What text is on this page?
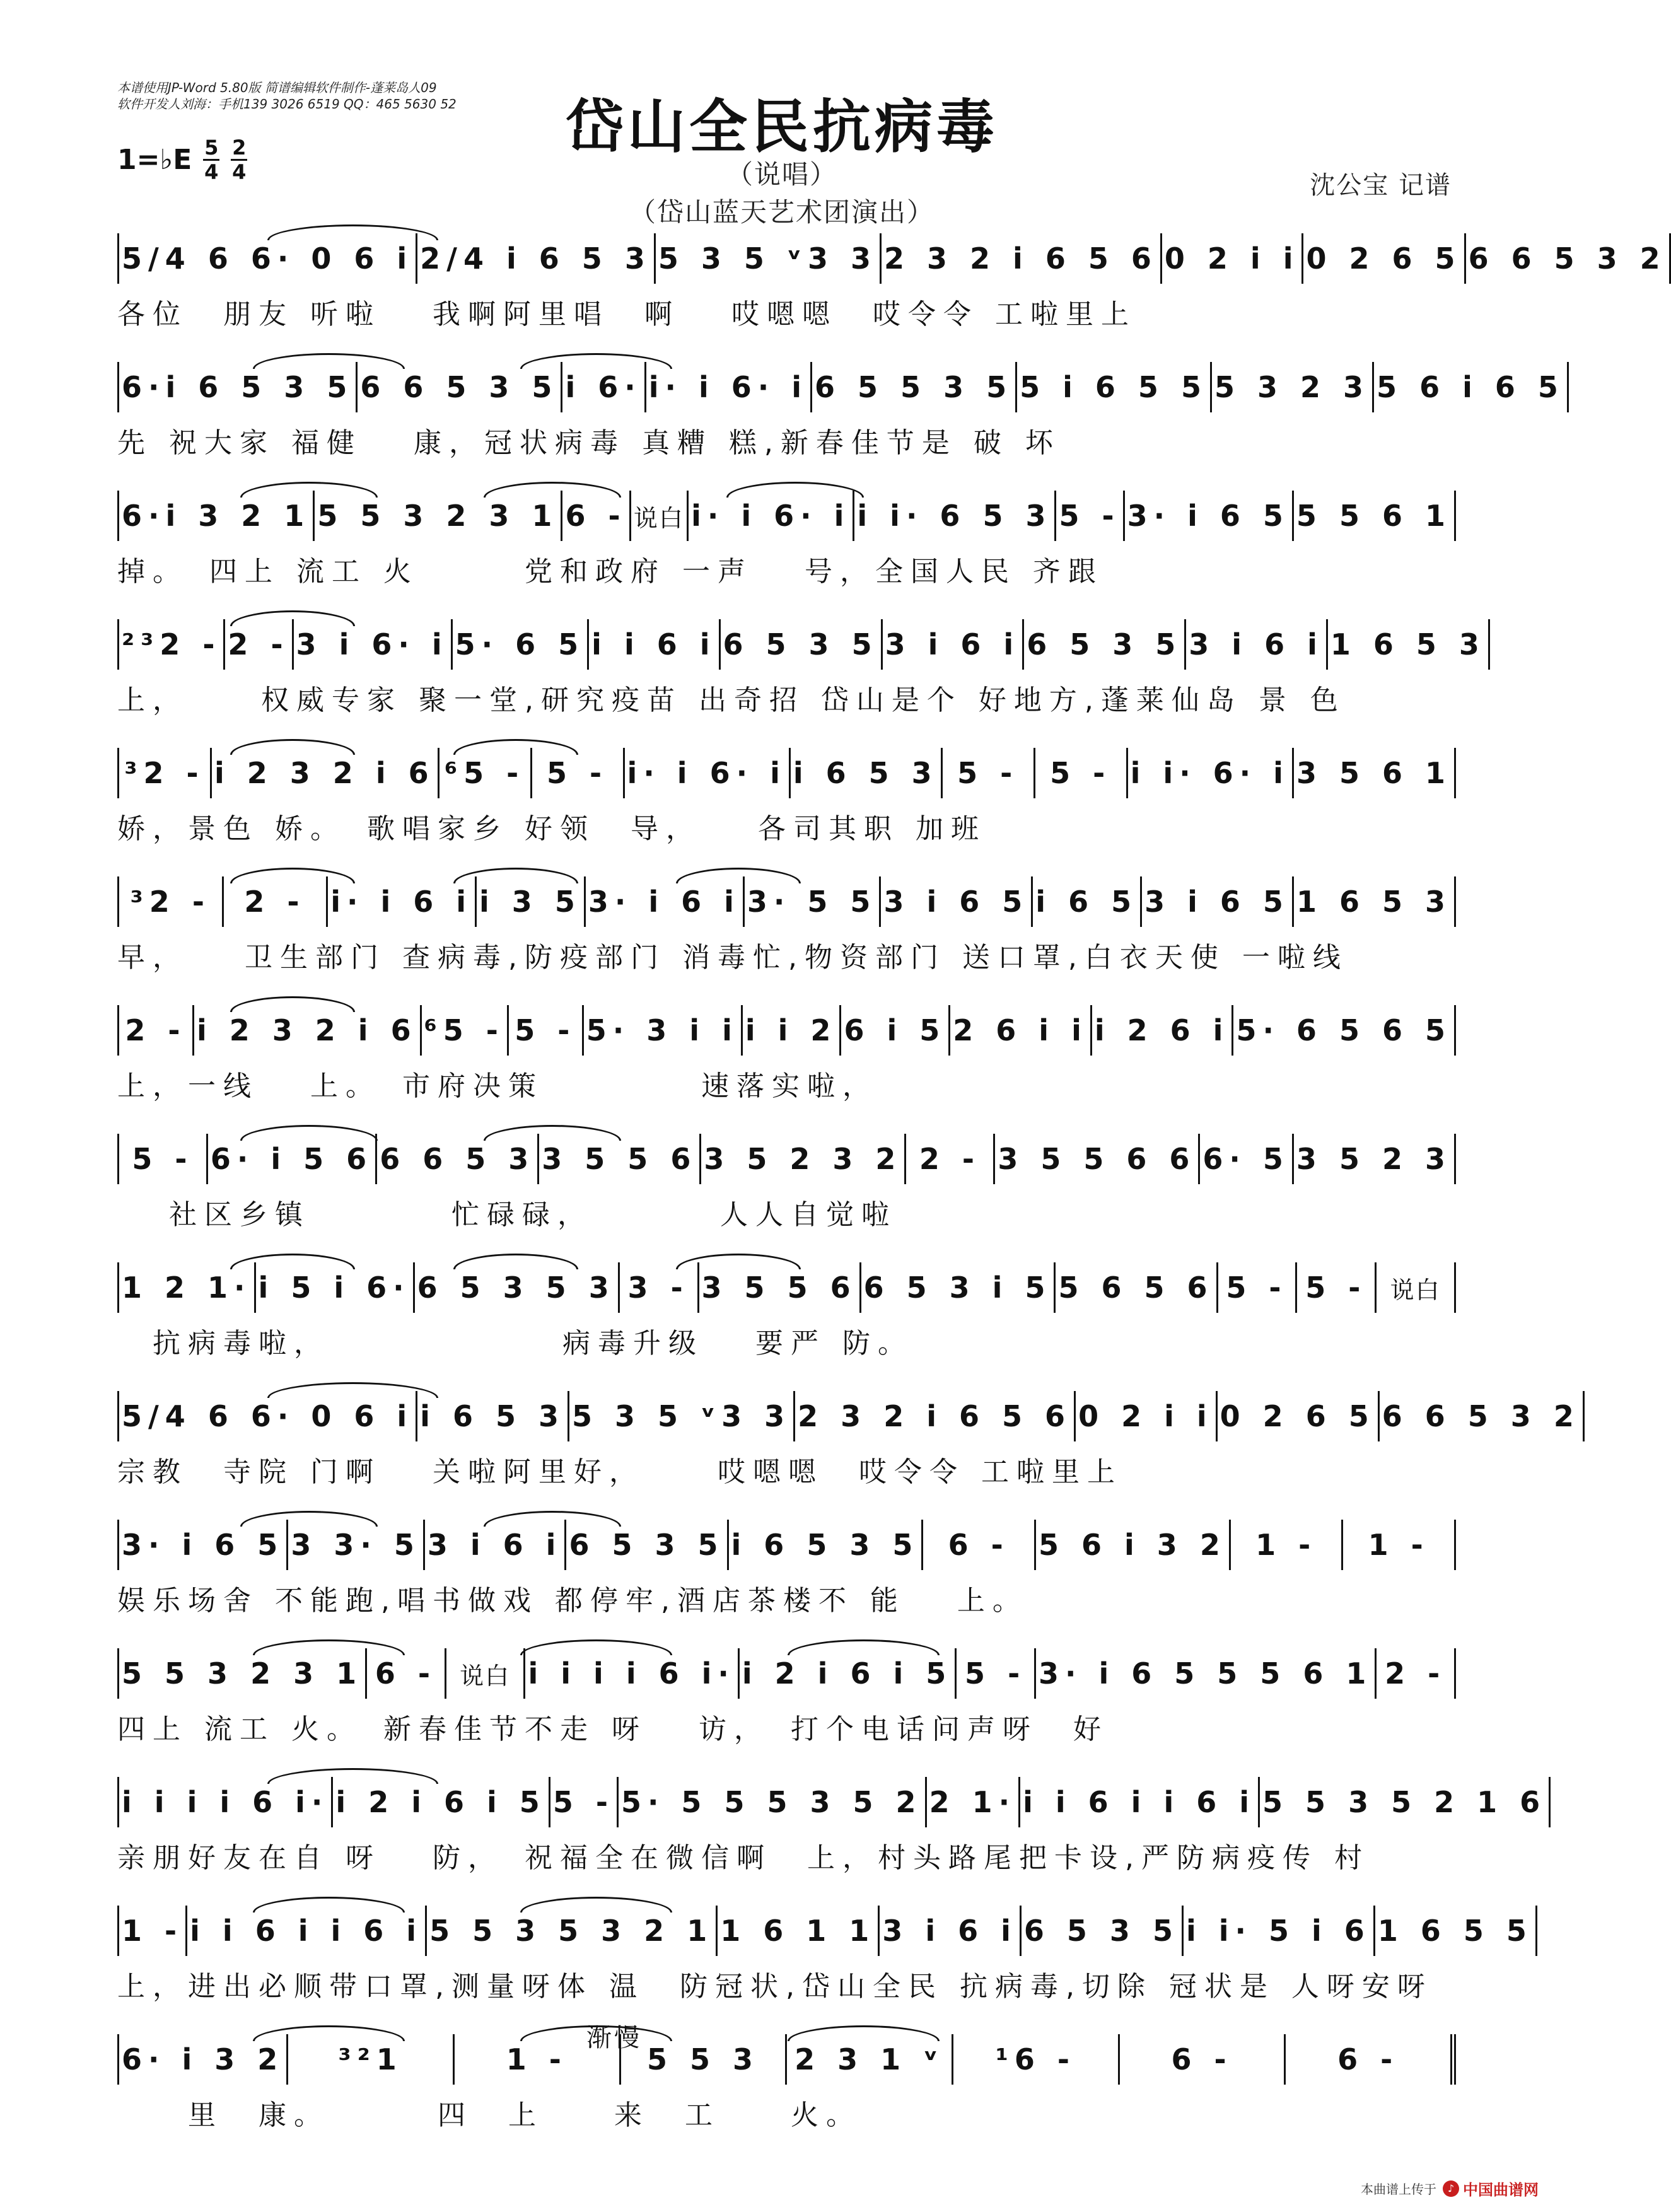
本谱使用JP-Word 5.80版 简谱编辑软件制作-蓬莱岛人09
软件开发人刘海：手机139 3026 6519 QQ：465 5630 52	岱山全民抗病毒
（说唱）
（岱山蓝天艺术团演出）
沈公宝 记谱
1=♭E $\frac{5}{4} \frac{2}{4}$
5/4 6 6· 0 6 i 2/4 i 6 5 3 5 3 5 ᵛ3 3 2 3 2 i 6 5 6 0 2 i i 0 2 6 5 6 6 5 3 2
各位　朋友 听啦　 我啊阿里唱　啊　 哎嗯嗯　哎令令 工啦里上
6·i 6 5 3 5 6 6 5 3 5 i 6· i· i 6· i 6 5 5 3 5 5 i 6 5 5 5 3 2 3 5 6 i 6 5
先 祝大家 福健　 康，冠状病毒 真糟 糕,新春佳节是 破 坏
6·i 3 2 1 5 5 3 2 3 1 6 - 说白 i· i 6· i i i· 6 5 3 5 - 3· i 6 5 5 5 6 1
掉。　四上 流工 火　　　党和政府 一声　 号，全国人民 齐跟
²³2 - 2 - 3 i 6· i 5· 6 5 i i 6 i 6 5 3 5 3 i 6 i 6 5 3 5 3 i 6 i 1 6 5 3
上，　　 权威专家 聚一堂,研究疫苗 出奇招 岱山是个 好地方,蓬莱仙岛 景 色
³2 - i 2 3 2 i 6 ⁶5 - 5 - i· i 6· i i 6 5 3 5 -	5 - i i· 6· i 3 5 6 1
娇，景色 娇。　歌唱家乡 好领　导，　　各司其职 加班
³2 -	2 - i· i 6 i i 3 5 3· i 6 i 3· 5 5 3 i 6 5 i 6 5 3 i 6 5 1 6 5 3
早，　　卫生部门 查病毒,防疫部门 消毒忙,物资部门 送口罩,白衣天使 一啦线
2 - i 2 3 2 i 6 ⁶5 - 5 - 5· 3 i i i i 2 6 i 5 2 6 i i i 2 6 i 5· 6 5 6 5
上，一线　 上。　市府决策　　　　 速落实啦，
5 - 6· i 5 6 6 6 5 3 3 5 5 6 3 5 2 3 2 2 - 3 5 5 6 6 6· 5 3 5 2 3
　 社区乡镇　　　　忙碌碌，　　　　人人自觉啦
1 2 1· i 5 i 6· 6 5 3 5 3 3 - 3 5 5 6 6 5 3 i 5 5 6 5 6 5 - 5 - 说白
　抗病毒啦，　　　　　　　病毒升级　 要严 防。
5/4 6 6· 0 6 i i 6 5 3 5 3 5 ᵛ3 3 2 3 2 i 6 5 6 0 2 i i 0 2 6 5 6 6 5 3 2
宗教　寺院 门啊　 关啦阿里好，　　 哎嗯嗯　哎令令 工啦里上
3· i 6 5 3 3· 5 3 i 6 i 6 5 3 5 i 6 5 3 5	6 -	5 6 i 3 2	1 -	1 -
娱乐场舍 不能跑,唱书做戏 都停牢,酒店茶楼不 能　 上。
5 5 3 2 3 1 6 - 说白 i i i i 6 i· i 2 i 6 i 5 5 - 3· i 6 5 5 5 6 1 2 -
四上 流工 火。　新春佳节不走 呀　 访，　打个电话问声呀　好
i i i i 6 i· i 2 i 6 i 5 5 - 5· 5 5 5 3 5 2 2 1· i i 6 i i 6 i 5 5 3 5 2 1 6
亲朋好友在自 呀　 防，　祝福全在微信啊　上，村头路尾把卡设,严防病疫传 村
1 - i i 6 i i 6 i 5 5 3 5 3 2 1 1 6 1 1 3 i 6 i 6 5 3 5 i i· 5 i 6 1 6 5 5
上，进出必顺带口罩,测量呀体 温　防冠状,岱山全民 抗病毒,切除 冠状是 人呀安呀
6· i 3 2	³²1	1 -	5 5 3	2 3 1 ᵛ	¹6 -	6 -	6 -
　　里　康。　　　 四　上　　来　工　　火。
渐慢
本曲谱上传于	♪ 中国曲谱网
